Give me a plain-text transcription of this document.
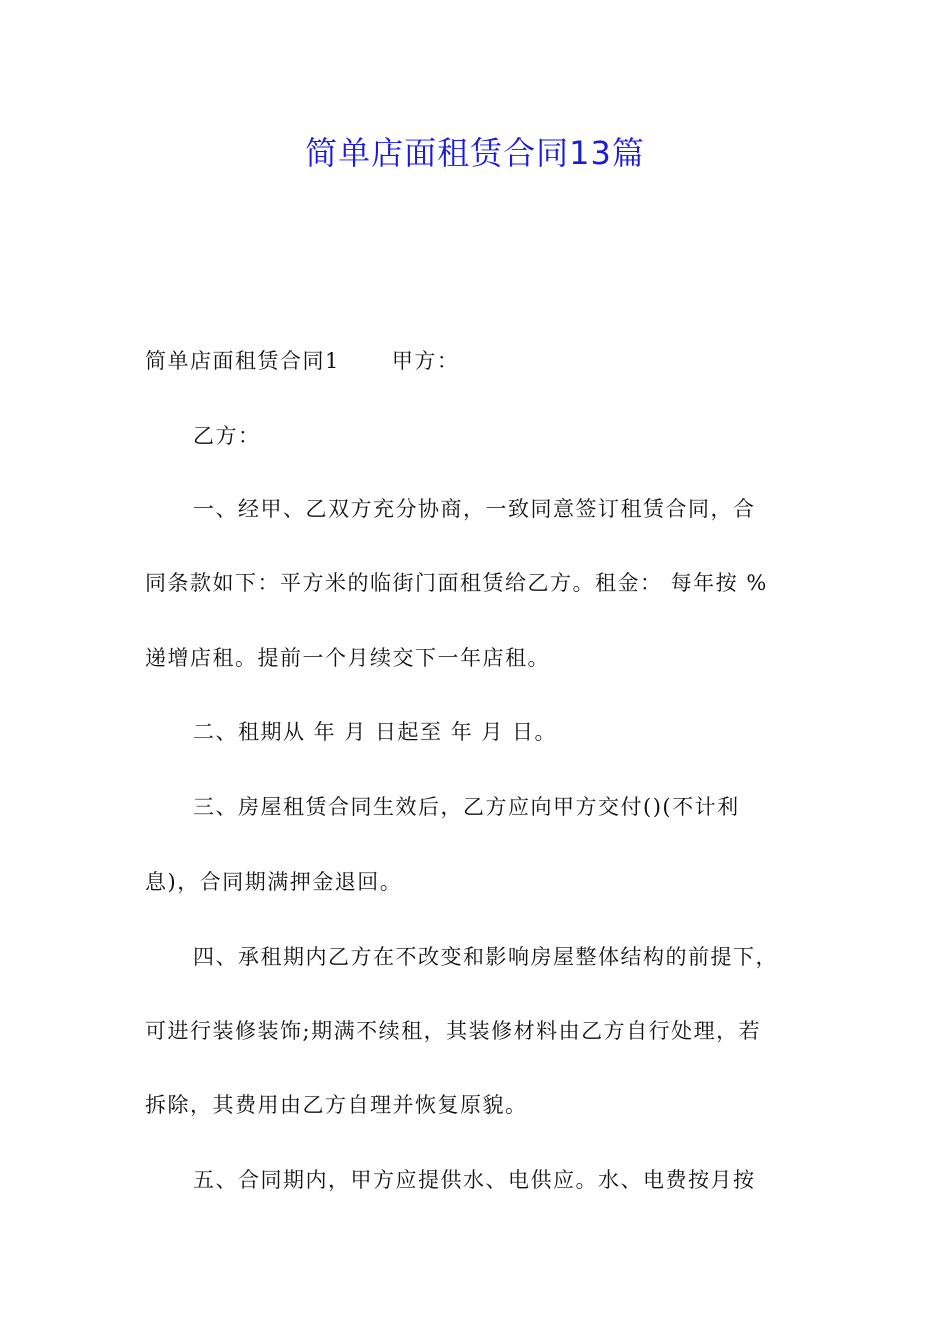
简单店面租赁合同13篇
简单店面租赁合同1 甲方：
乙方：
一、经甲、乙双方充分协商，一致同意签订租赁合同，合
同条款如下：平方米的临街门面租赁给乙方。租金： 每年按 %
递增店租。提前一个月续交下一年店租。
二、租期从 年 月 日起至 年 月 日。
三、房屋租赁合同生效后，乙方应向甲方交付()(不计利
息)，合同期满押金退回。
四、承租期内乙方在不改变和影响房屋整体结构的前提下，
可进行装修装饰;期满不续租，其装修材料由乙方自行处理，若
拆除，其费用由乙方自理并恢复原貌。
五、合同期内，甲方应提供水、电供应。水、电费按月按
